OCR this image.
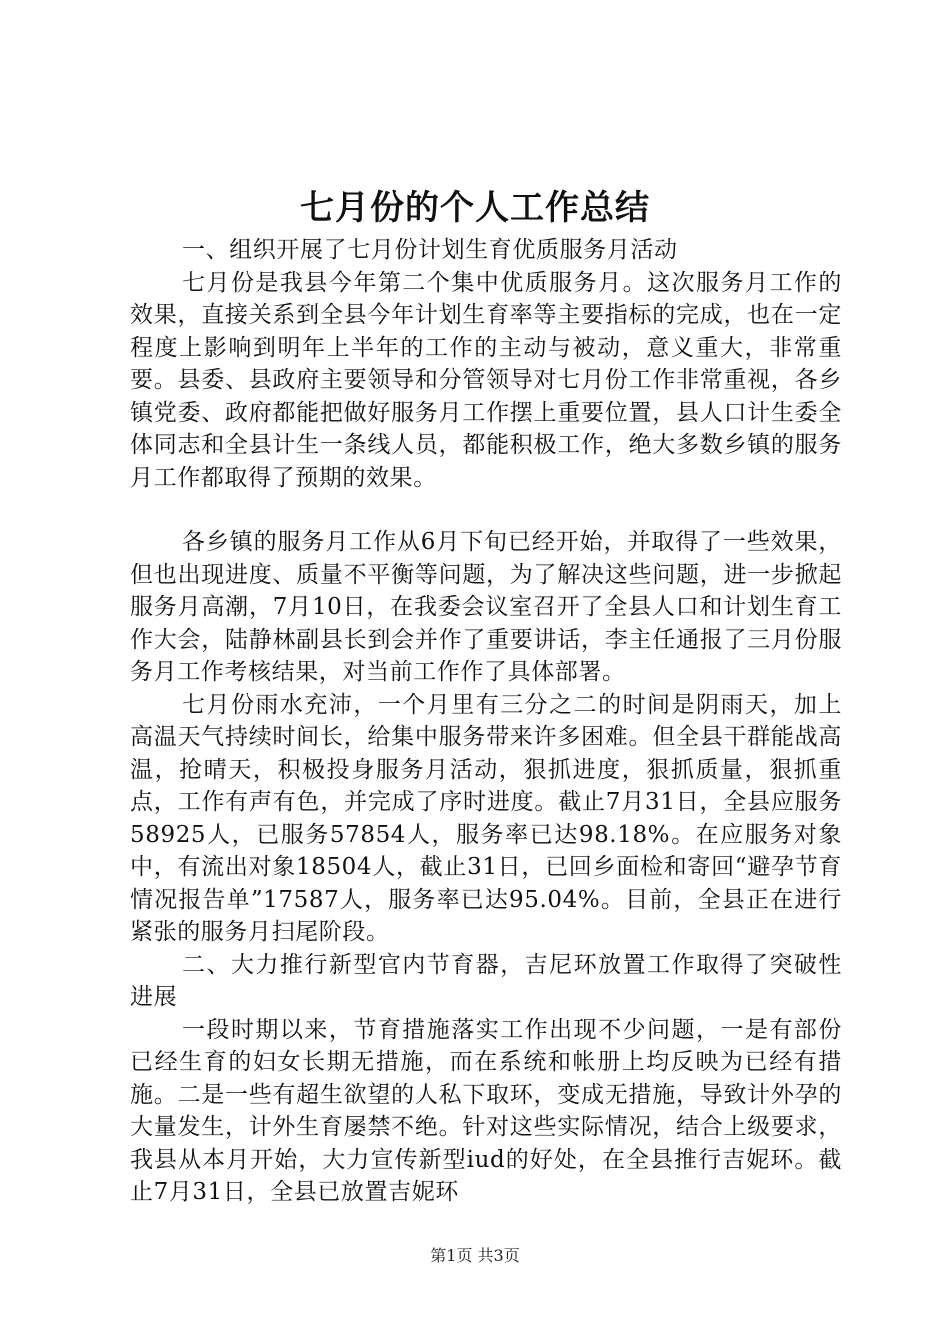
七月份的个人工作总结

一、组织开展了七月份计划生育优质服务月活动

七月份是我县今年第二个集中优质服务月。这次服务月工作的效果，直接关系到全县今年计划生育率等主要指标的完成，也在一定程度上影响到明年上半年的工作的主动与被动，意义重大，非常重要。县委、县政府主要领导和分管领导对七月份工作非常重视，各乡镇党委、政府都能把做好服务月工作摆上重要位置，县人口计生委全体同志和全县计生一条线人员，都能积极工作，绝大多数乡镇的服务月工作都取得了预期的效果。

各乡镇的服务月工作从6月下旬已经开始，并取得了一些效果，但也出现进度、质量不平衡等问题，为了解决这些问题，进一步掀起服务月高潮，7月10日，在我委会议室召开了全县人口和计划生育工作大会，陆静林副县长到会并作了重要讲话，李主任通报了三月份服务月工作考核结果，对当前工作作了具体部署。

七月份雨水充沛，一个月里有三分之二的时间是阴雨天，加上高温天气持续时间长，给集中服务带来许多困难。但全县干群能战高温，抢晴天，积极投身服务月活动，狠抓进度，狠抓质量，狠抓重点，工作有声有色，并完成了序时进度。截止7月31日，全县应服务58925人，已服务57854人，服务率已达98.18%。在应服务对象中，有流出对象18504人，截止31日，已回乡面检和寄回“避孕节育情况报告单”17587人，服务率已达95.04%。目前，全县正在进行紧张的服务月扫尾阶段。

二、大力推行新型官内节育器，吉尼环放置工作取得了突破性进展

一段时期以来，节育措施落实工作出现不少问题，一是有部份已经生育的妇女长期无措施，而在系统和帐册上均反映为已经有措施。二是一些有超生欲望的人私下取环，变成无措施，导致计外孕的大量发生，计外生育屡禁不绝。针对这些实际情况，结合上级要求，我县从本月开始，大力宣传新型iud的好处，在全县推行吉妮环。截止7月31日，全县已放置吉妮环

第1页 共3页
